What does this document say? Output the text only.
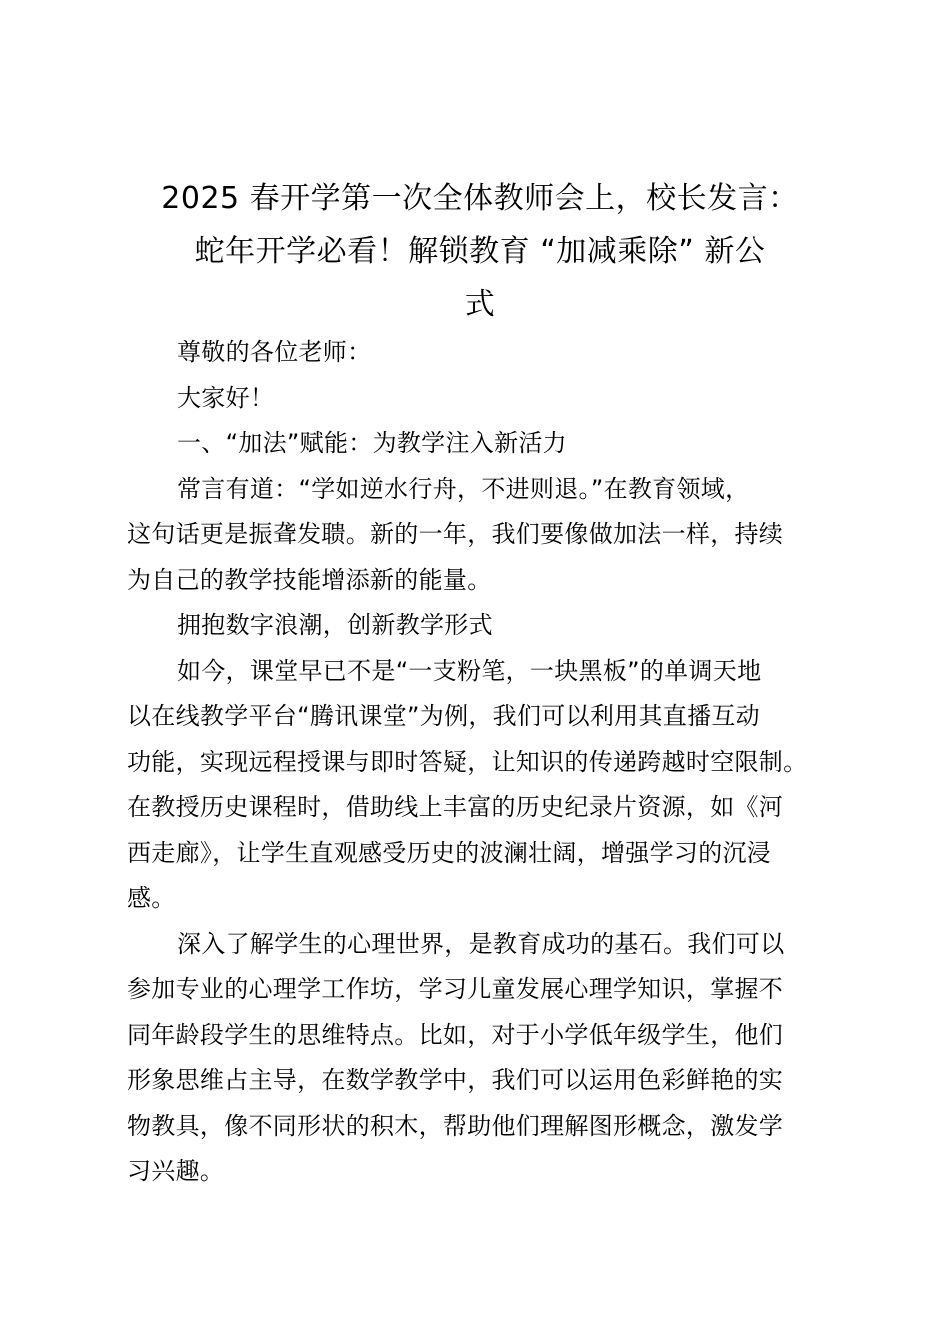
2025 春开学第一次全体教师会上，校长发言：
蛇年开学必看！解锁教育 “加减乘除” 新公
式

尊敬的各位老师：

大家好！

一、“加法”赋能：为教学注入新活力

常言有道：“学如逆水行舟，不进则退。”在教育领域，
这句话更是振聋发聩。新的一年，我们要像做加法一样，持续
为自己的教学技能增添新的能量。

拥抱数字浪潮，创新教学形式

如今，课堂早已不是“一支粉笔，一块黑板”的单调天地
以在线教学平台“腾讯课堂”为例，我们可以利用其直播互动
功能，实现远程授课与即时答疑，让知识的传递跨越时空限制。
在教授历史课程时，借助线上丰富的历史纪录片资源，如《河
西走廊》，让学生直观感受历史的波澜壮阔，增强学习的沉浸
感。

深入了解学生的心理世界，是教育成功的基石。我们可以
参加专业的心理学工作坊，学习儿童发展心理学知识，掌握不
同年龄段学生的思维特点。比如，对于小学低年级学生，他们
形象思维占主导，在数学教学中，我们可以运用色彩鲜艳的实
物教具，像不同形状的积木，帮助他们理解图形概念，激发学
习兴趣。
